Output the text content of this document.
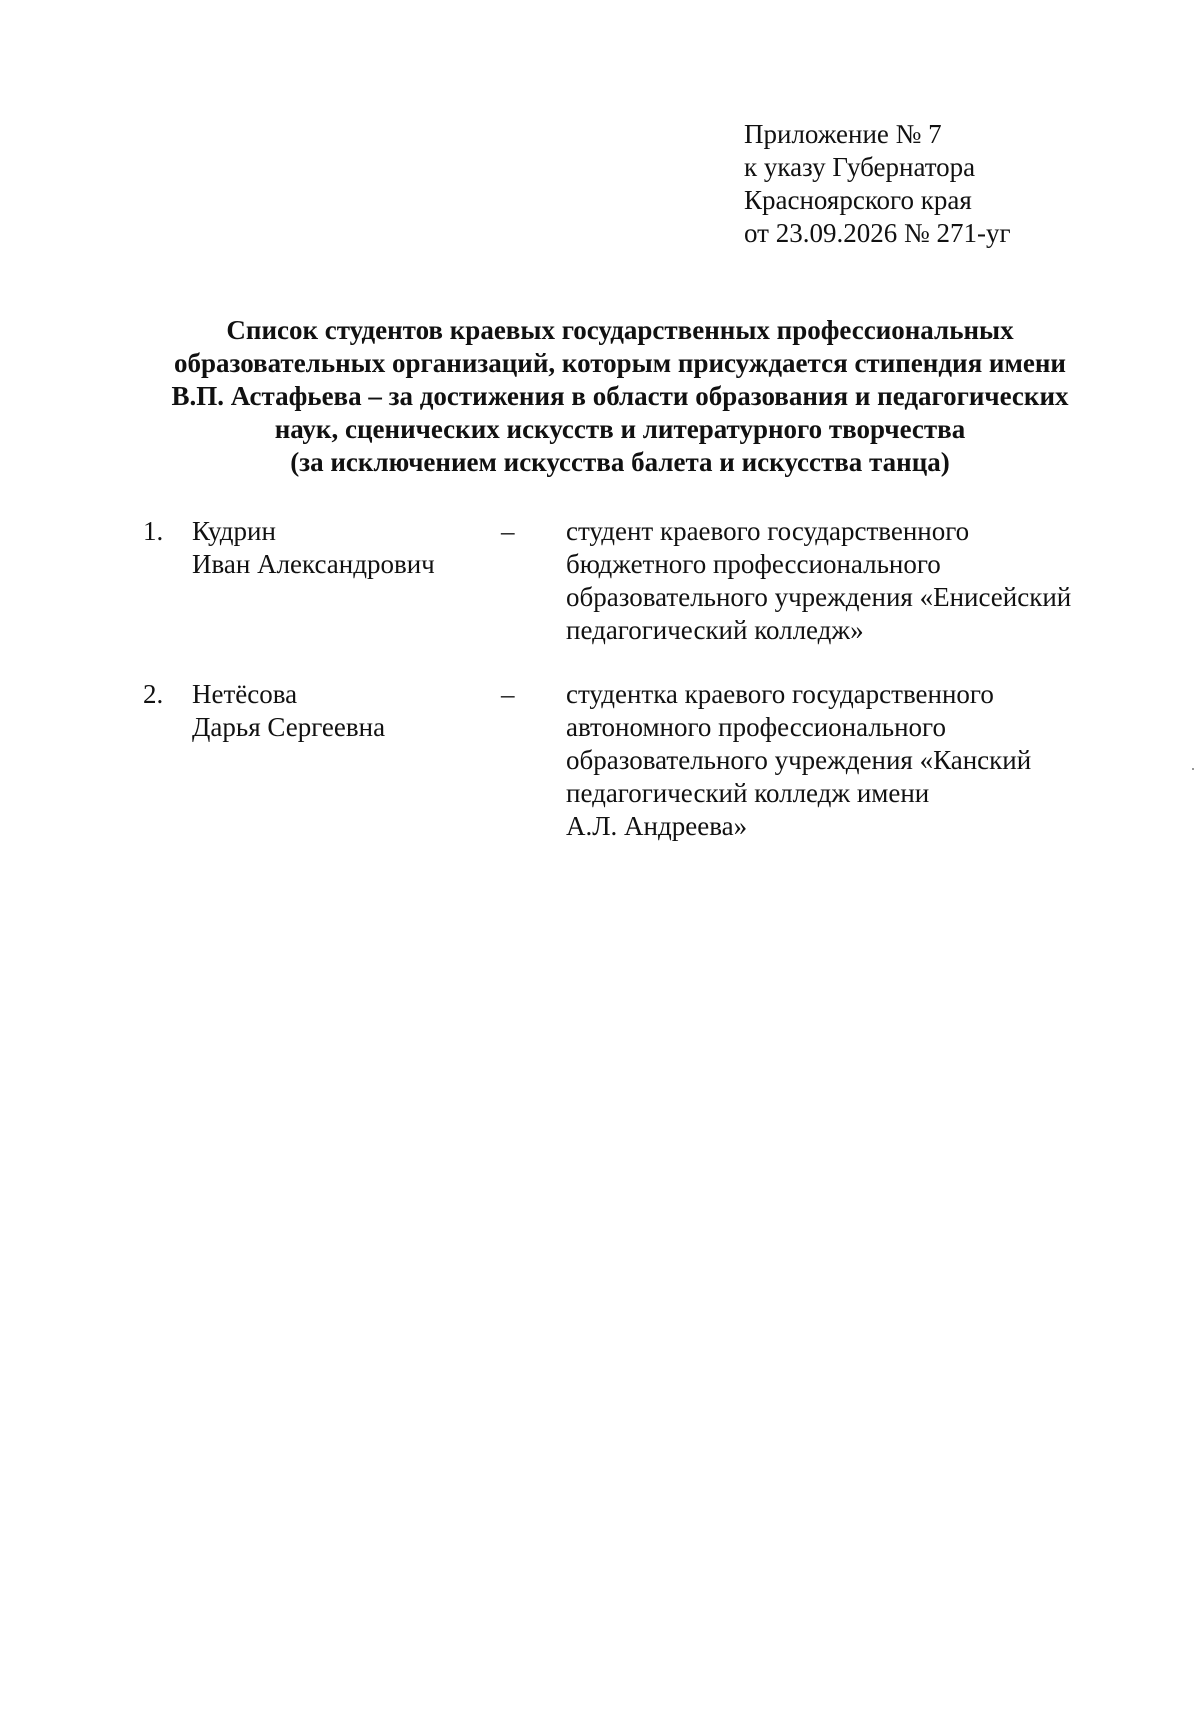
Приложение № 7
к указу Губернатора
Красноярского края
от 23.09.2026 № 271-уг
Список студентов краевых государственных профессиональных
образовательных организаций, которым присуждается стипендия имени
В.П. Астафьева – за достижения в области образования и педагогических
наук, сценических искусств и литературного творчества
(за исключением искусства балета и искусства танца)
1. Кудрин
Иван Александрович
– студент краевого государственного
бюджетного профессионального
образовательного учреждения «Енисейский
педагогический колледж»
2. Нетёсова
Дарья Сергеевна
– студентка краевого государственного
автономного профессионального
образовательного учреждения «Канский
педагогический колледж имени
А.Л. Андреева»
